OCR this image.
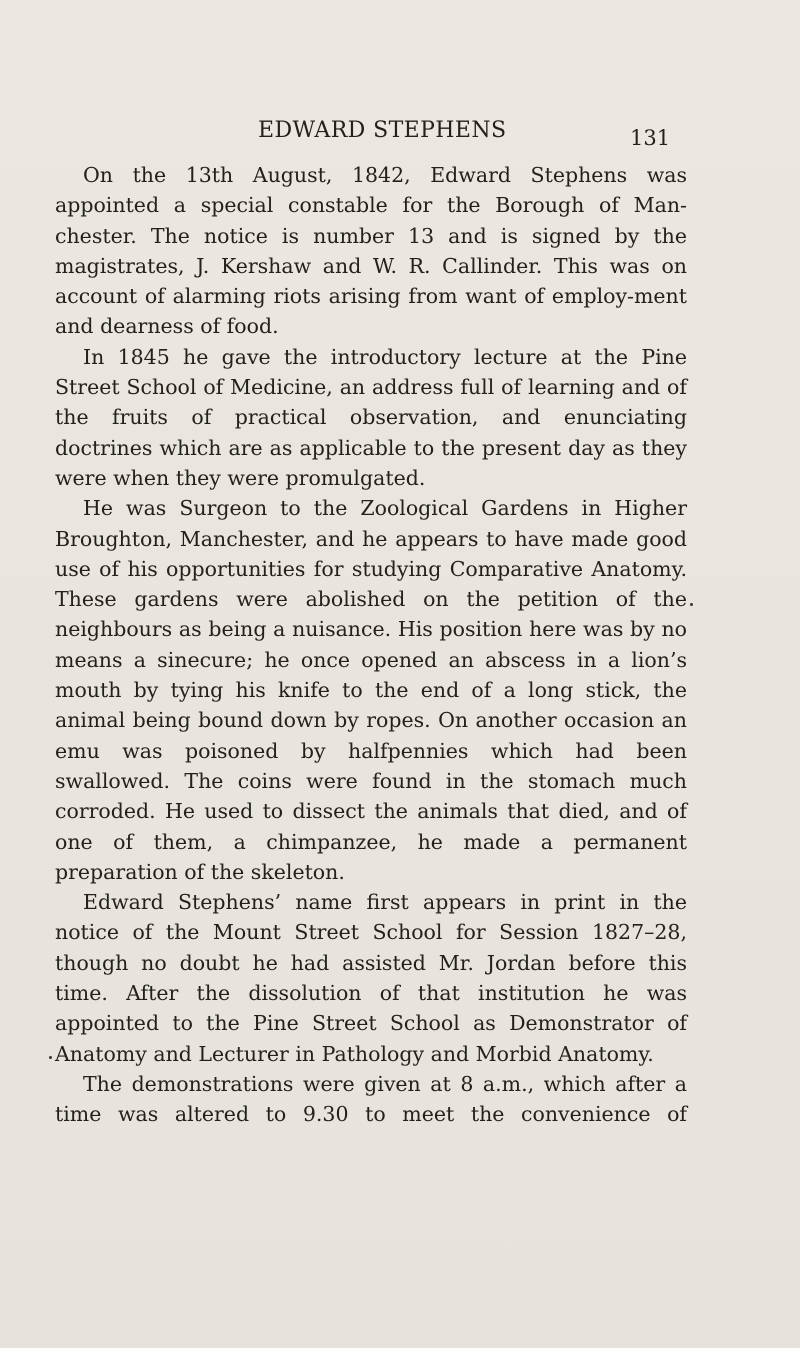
EDWARD STEPHENS	131

On the 13th August, 1842, Edward Stephens was appointed a special constable for the Borough of Man-chester. The notice is number 13 and is signed by the magistrates, J. Kershaw and W. R. Callinder. This was on account of alarming riots arising from want of employ-ment and dearness of food.

In 1845 he gave the introductory lecture at the Pine Street School of Medicine, an address full of learning and of the fruits of practical observation, and enunciating doctrines which are as applicable to the present day as they were when they were promulgated.

He was Surgeon to the Zoological Gardens in Higher Broughton, Manchester, and he appears to have made good use of his opportunities for studying Comparative Anatomy. These gardens were abolished on the petition of the neighbours as being a nuisance. His position here was by no means a sinecure; he once opened an abscess in a lion’s mouth by tying his knife to the end of a long stick, the animal being bound down by ropes. On another occasion an emu was poisoned by halfpennies which had been swallowed. The coins were found in the stomach much corroded. He used to dissect the animals that died, and of one of them, a chimpanzee, he made a permanent preparation of the skeleton.

Edward Stephens’ name first appears in print in the notice of the Mount Street School for Session 1827–28, though no doubt he had assisted Mr. Jordan before this time. After the dissolution of that institution he was appointed to the Pine Street School as Demonstrator of Anatomy and Lecturer in Pathology and Morbid Anatomy.

The demonstrations were given at 8 a.m., which after a time was altered to 9.30 to meet the convenience of
